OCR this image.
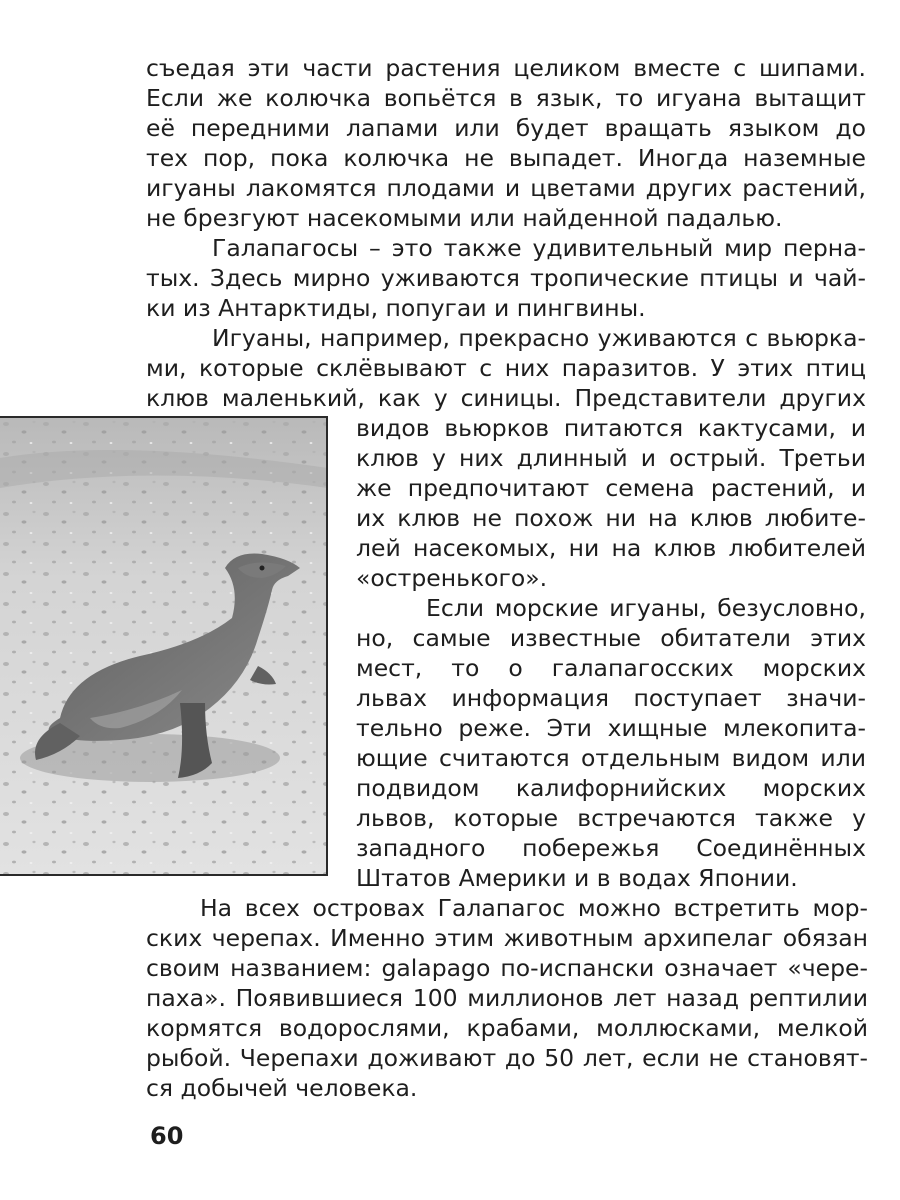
съедая эти части растения целиком вместе с шипами.
Если же колючка вопьётся в язык, то игуана вытащит
её передними лапами или будет вращать языком до
тех пор, пока колючка не выпадет. Иногда наземные
игуаны лакомятся плодами и цветами других растений,
не брезгуют насекомыми или найденной падалью.
Галапагосы – это также удивительный мир перна-
тых. Здесь мирно уживаются тропические птицы и чай-
ки из Антарктиды, попугаи и пингвины.
Игуаны, например, прекрасно уживаются с вьюрка-
ми, которые склёвывают с них паразитов. У этих птиц
клюв маленький, как у синицы. Представители других
видов вьюрков питаются кактусами, и
клюв у них длинный и острый. Третьи
же предпочитают семена растений, и
их клюв не похож ни на клюв любите-
лей насекомых, ни на клюв любителей
«остренького».
Если морские игуаны, безусловно,
но, самые известные обитатели этих
мест, то о галапагосских морских
львах информация поступает значи-
тельно реже. Эти хищные млекопита-
ющие считаются отдельным видом или
подвидом калифорнийских морских
львов, которые встречаются также у
западного побережья Соединённых
Штатов Америки и в водах Японии.
На всех островах Галапагос можно встретить мор-
ских черепах. Именно этим животным архипелаг обязан
своим названием: galapago по-испански означает «чере-
паха». Появившиеся 100 миллионов лет назад рептилии
кормятся водорослями, крабами, моллюсками, мелкой
рыбой. Черепахи доживают до 50 лет, если не становят-
ся добычей человека.
60
